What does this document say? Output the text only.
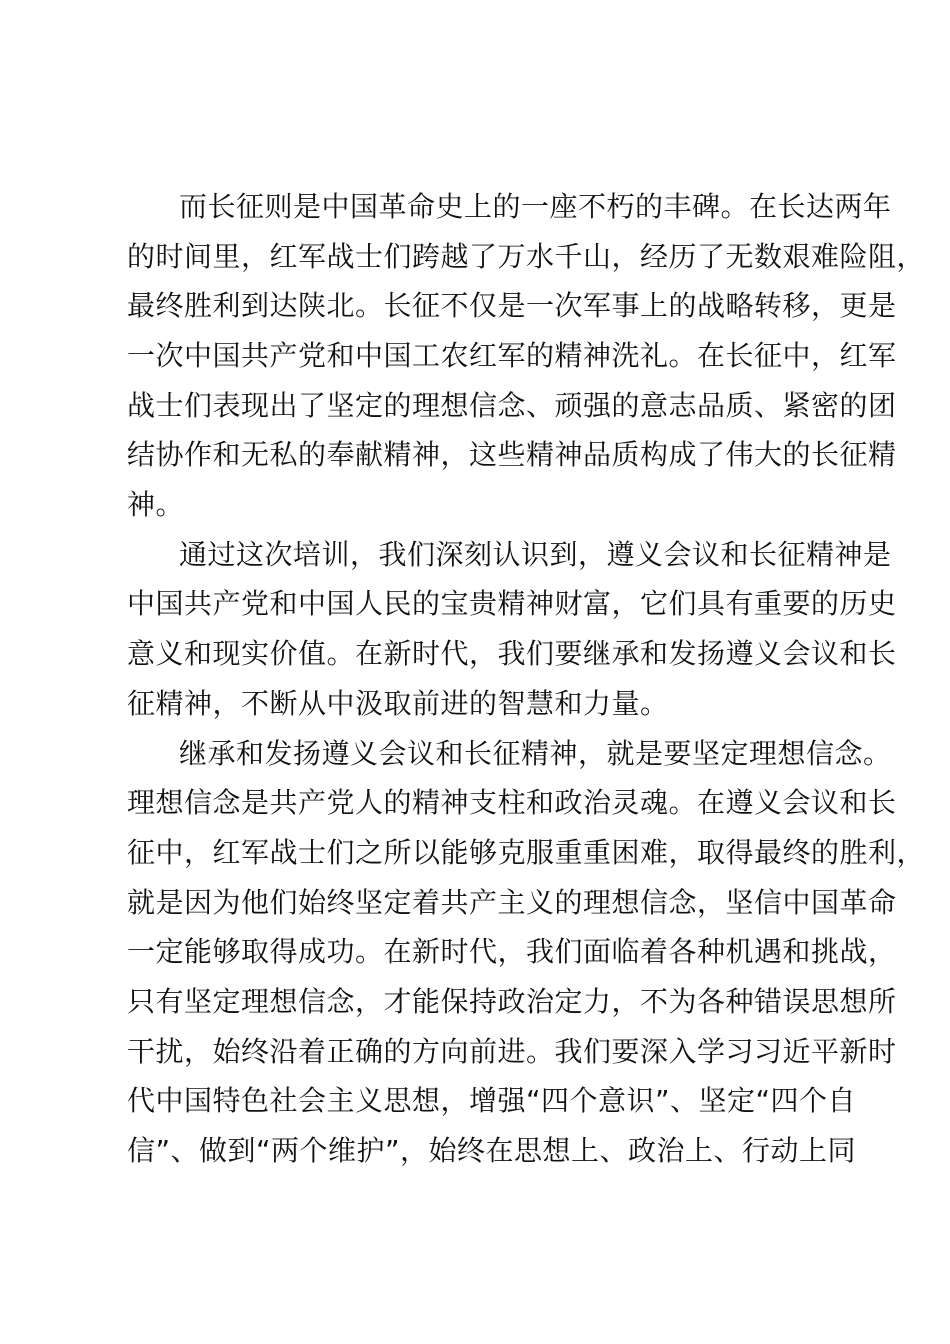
而长征则是中国革命史上的一座不朽的丰碑。在长达两年
的时间里，红军战士们跨越了万水千山，经历了无数艰难险阻，
最终胜利到达陕北。长征不仅是一次军事上的战略转移，更是
一次中国共产党和中国工农红军的精神洗礼。在长征中，红军
战士们表现出了坚定的理想信念、顽强的意志品质、紧密的团
结协作和无私的奉献精神，这些精神品质构成了伟大的长征精
神。
通过这次培训，我们深刻认识到，遵义会议和长征精神是
中国共产党和中国人民的宝贵精神财富，它们具有重要的历史
意义和现实价值。在新时代，我们要继承和发扬遵义会议和长
征精神，不断从中汲取前进的智慧和力量。
继承和发扬遵义会议和长征精神，就是要坚定理想信念。
理想信念是共产党人的精神支柱和政治灵魂。在遵义会议和长
征中，红军战士们之所以能够克服重重困难，取得最终的胜利，
就是因为他们始终坚定着共产主义的理想信念，坚信中国革命
一定能够取得成功。在新时代，我们面临着各种机遇和挑战，
只有坚定理想信念，才能保持政治定力，不为各种错误思想所
干扰，始终沿着正确的方向前进。我们要深入学习习近平新时
代中国特色社会主义思想，增强“四个意识”、坚定“四个自
信”、做到“两个维护”，始终在思想上、政治上、行动上同
